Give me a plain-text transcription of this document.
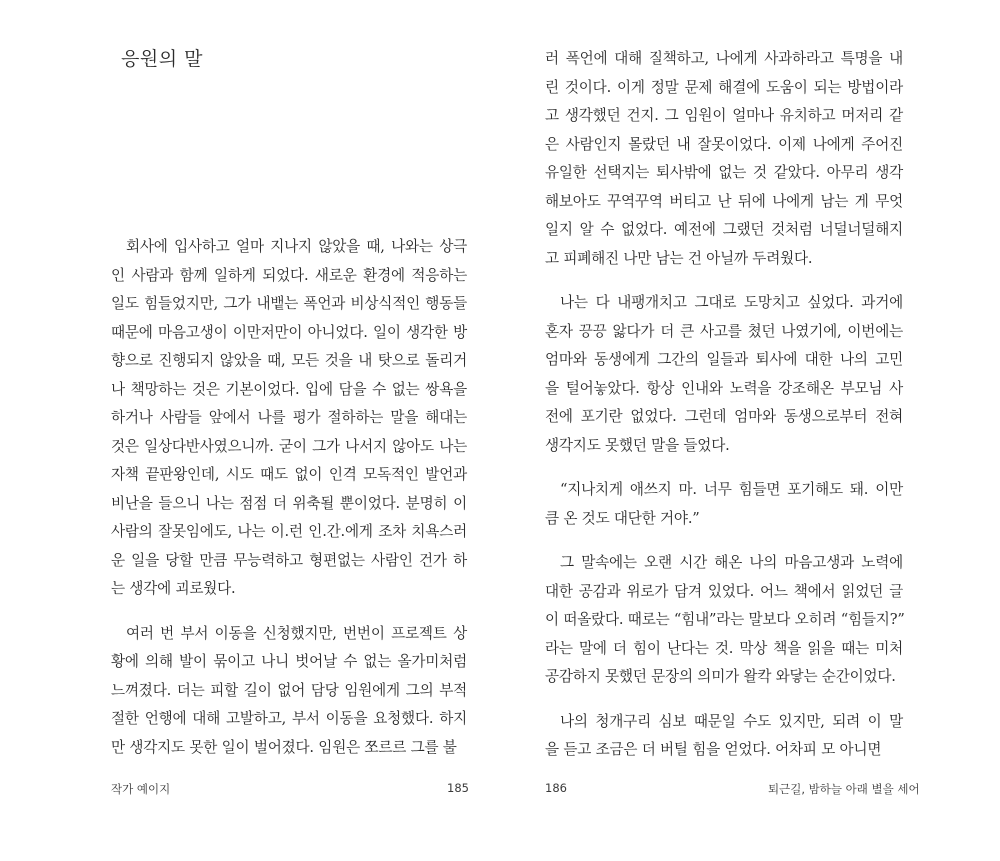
응원의 말
회사에 입사하고 얼마 지나지 않았을 때, 나와는 상극
인 사람과 함께 일하게 되었다. 새로운 환경에 적응하는
일도 힘들었지만, 그가 내뱉는 폭언과 비상식적인 행동들
때문에 마음고생이 이만저만이 아니었다. 일이 생각한 방
향으로 진행되지 않았을 때, 모든 것을 내 탓으로 돌리거
나 책망하는 것은 기본이었다. 입에 담을 수 없는 쌍욕을
하거나 사람들 앞에서 나를 평가 절하하는 말을 해대는
것은 일상다반사였으니까. 굳이 그가 나서지 않아도 나는
자책 끝판왕인데, 시도 때도 없이 인격 모독적인 발언과
비난을 들으니 나는 점점 더 위축될 뿐이었다. 분명히 이
사람의 잘못임에도, 나는 이.런 인.간.에게 조차 치욕스러
운 일을 당할 만큼 무능력하고 형편없는 사람인 건가 하
는 생각에 괴로웠다.
여러 번 부서 이동을 신청했지만, 번번이 프로젝트 상
황에 의해 발이 묶이고 나니 벗어날 수 없는 올가미처럼
느껴졌다. 더는 피할 길이 없어 담당 임원에게 그의 부적
절한 언행에 대해 고발하고, 부서 이동을 요청했다. 하지
만 생각지도 못한 일이 벌어졌다. 임원은 쪼르르 그를 불
작가 예이지	185
러 폭언에 대해 질책하고, 나에게 사과하라고 특명을 내
린 것이다. 이게 정말 문제 해결에 도움이 되는 방법이라
고 생각했던 건지. 그 임원이 얼마나 유치하고 머저리 같
은 사람인지 몰랐던 내 잘못이었다. 이제 나에게 주어진
유일한 선택지는 퇴사밖에 없는 것 같았다. 아무리 생각
해보아도 꾸역꾸역 버티고 난 뒤에 나에게 남는 게 무엇
일지 알 수 없었다. 예전에 그랬던 것처럼 너덜너덜해지
고 피폐해진 나만 남는 건 아닐까 두려웠다.
나는 다 내팽개치고 그대로 도망치고 싶었다. 과거에
혼자 끙끙 앓다가 더 큰 사고를 쳤던 나였기에, 이번에는
엄마와 동생에게 그간의 일들과 퇴사에 대한 나의 고민
을 털어놓았다. 항상 인내와 노력을 강조해온 부모님 사
전에 포기란 없었다. 그런데 엄마와 동생으로부터 전혀
생각지도 못했던 말을 들었다.
“지나치게 애쓰지 마. 너무 힘들면 포기해도 돼. 이만
큼 온 것도 대단한 거야.”
그 말속에는 오랜 시간 해온 나의 마음고생과 노력에
대한 공감과 위로가 담겨 있었다. 어느 책에서 읽었던 글
이 떠올랐다. 때로는 “힘내”라는 말보다 오히려 “힘들지?”
라는 말에 더 힘이 난다는 것. 막상 책을 읽을 때는 미처
공감하지 못했던 문장의 의미가 왈칵 와닿는 순간이었다.
나의 청개구리 심보 때문일 수도 있지만, 되려 이 말
을 듣고 조금은 더 버틸 힘을 얻었다. 어차피 모 아니면
186	퇴근길, 밤하늘 아래 별을 세어
